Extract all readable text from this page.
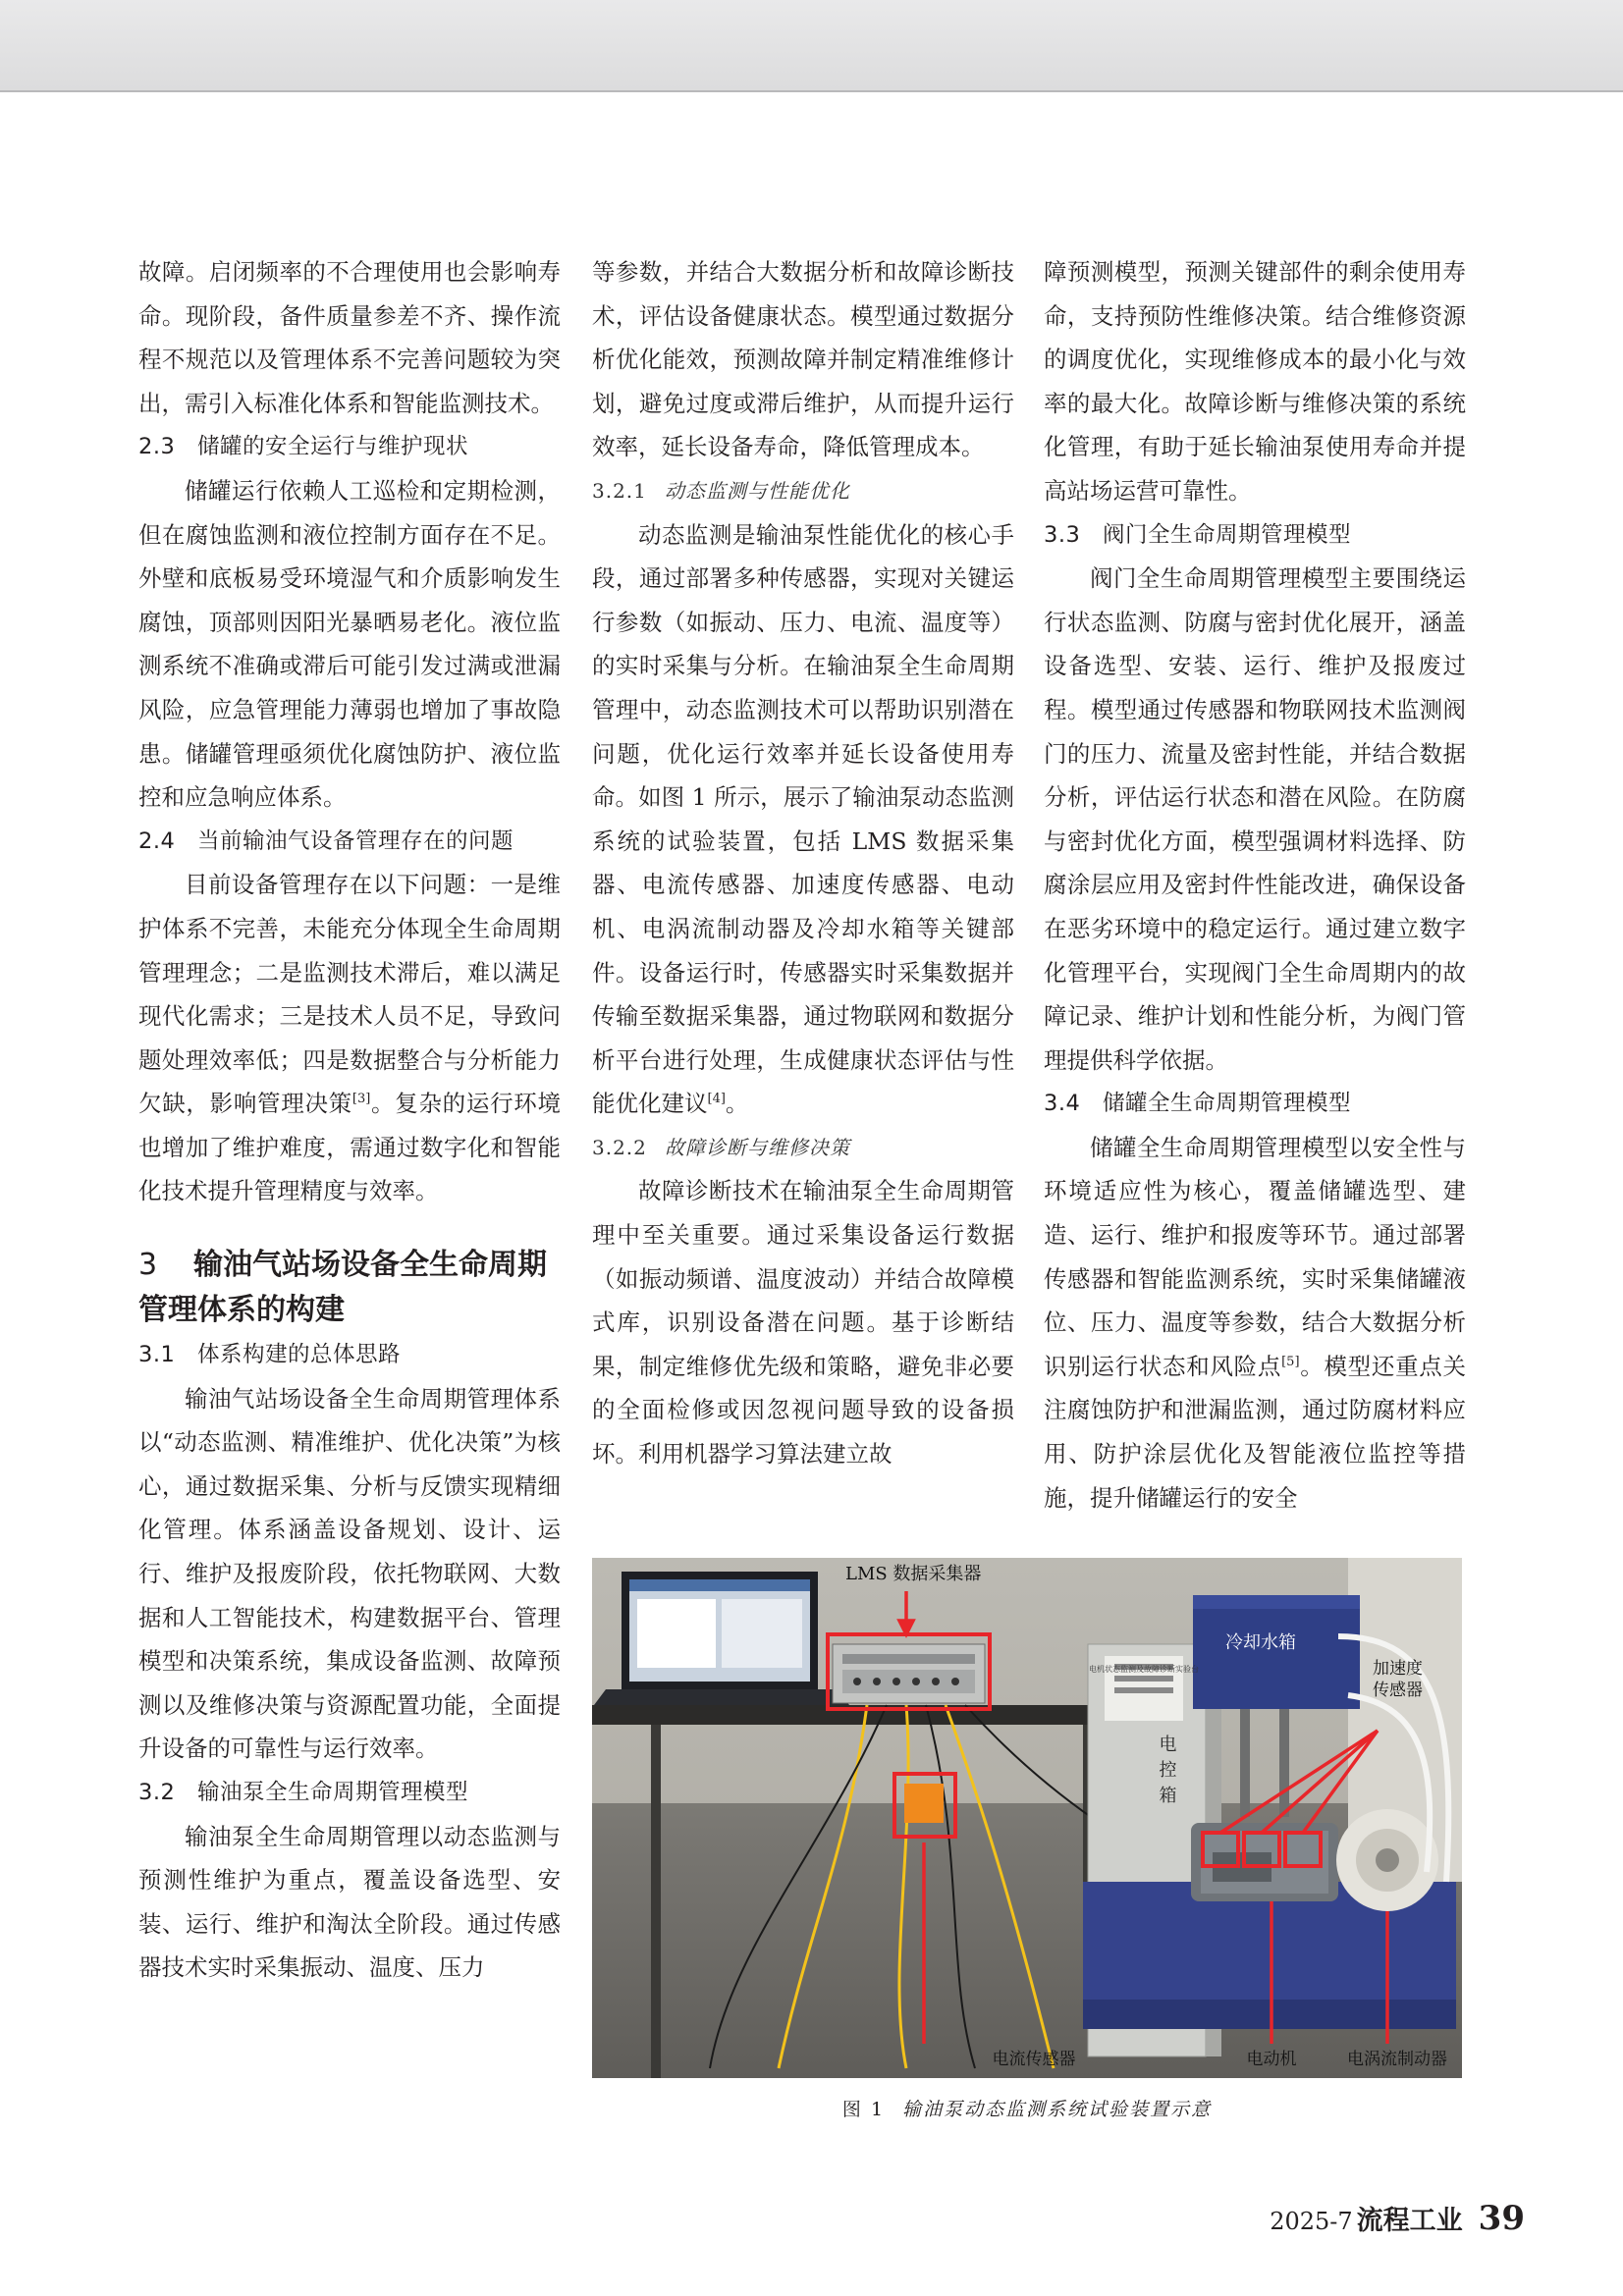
故障。启闭频率的不合理使用也会影响寿命。现阶段，备件质量参差不齐、操作流程不规范以及管理体系不完善问题较为突出，需引入标准化体系和智能监测技术。

2.3 储罐的安全运行与维护现状

储罐运行依赖人工巡检和定期检测，但在腐蚀监测和液位控制方面存在不足。外壁和底板易受环境湿气和介质影响发生腐蚀，顶部则因阳光暴晒易老化。液位监测系统不准确或滞后可能引发过满或泄漏风险，应急管理能力薄弱也增加了事故隐患。储罐管理亟须优化腐蚀防护、液位监控和应急响应体系。

2.4 当前输油气设备管理存在的问题

目前设备管理存在以下问题：一是维护体系不完善，未能充分体现全生命周期管理理念；二是监测技术滞后，难以满足现代化需求；三是技术人员不足，导致问题处理效率低；四是数据整合与分析能力欠缺，影响管理决策[3]。复杂的运行环境也增加了维护难度，需通过数字化和智能化技术提升管理精度与效率。

3 输油气站场设备全生命周期管理体系的构建
3.1 体系构建的总体思路

输油气站场设备全生命周期管理体系以“动态监测、精准维护、优化决策”为核心，通过数据采集、分析与反馈实现精细化管理。体系涵盖设备规划、设计、运行、维护及报废阶段，依托物联网、大数据和人工智能技术，构建数据平台、管理模型和决策系统，集成设备监测、故障预测以及维修决策与资源配置功能，全面提升设备的可靠性与运行效率。

3.2 输油泵全生命周期管理模型

输油泵全生命周期管理以动态监测与预测性维护为重点，覆盖设备选型、安装、运行、维护和淘汰全阶段。通过传感器技术实时采集振动、温度、压力

等参数，并结合大数据分析和故障诊断技术，评估设备健康状态。模型通过数据分析优化能效，预测故障并制定精准维修计划，避免过度或滞后维护，从而提升运行效率，延长设备寿命，降低管理成本。

3.2.1 动态监测与性能优化

动态监测是输油泵性能优化的核心手段，通过部署多种传感器，实现对关键运行参数（如振动、压力、电流、温度等）的实时采集与分析。在输油泵全生命周期管理中，动态监测技术可以帮助识别潜在问题，优化运行效率并延长设备使用寿命。如图 1 所示，展示了输油泵动态监测系统的试验装置，包括 LMS 数据采集器、电流传感器、加速度传感器、电动机、电涡流制动器及冷却水箱等关键部件。设备运行时，传感器实时采集数据并传输至数据采集器，通过物联网和数据分析平台进行处理，生成健康状态评估与性能优化建议[4]。

3.2.2 故障诊断与维修决策

故障诊断技术在输油泵全生命周期管理中至关重要。通过采集设备运行数据（如振动频谱、温度波动）并结合故障模式库，识别设备潜在问题。基于诊断结果，制定维修优先级和策略，避免非必要的全面检修或因忽视问题导致的设备损坏。利用机器学习算法建立故

障预测模型，预测关键部件的剩余使用寿命，支持预防性维修决策。结合维修资源的调度优化，实现维修成本的最小化与效率的最大化。故障诊断与维修决策的系统化管理，有助于延长输油泵使用寿命并提高站场运营可靠性。

3.3 阀门全生命周期管理模型

阀门全生命周期管理模型主要围绕运行状态监测、防腐与密封优化展开，涵盖设备选型、安装、运行、维护及报废过程。模型通过传感器和物联网技术监测阀门的压力、流量及密封性能，并结合数据分析，评估运行状态和潜在风险。在防腐与密封优化方面，模型强调材料选择、防腐涂层应用及密封件性能改进，确保设备在恶劣环境中的稳定运行。通过建立数字化管理平台，实现阀门全生命周期内的故障记录、维护计划和性能分析，为阀门管理提供科学依据。

3.4 储罐全生命周期管理模型

储罐全生命周期管理模型以安全性与环境适应性为核心，覆盖储罐选型、建造、运行、维护和报废等环节。通过部署传感器和智能监测系统，实时采集储罐液位、压力、温度等参数，结合大数据分析识别运行状态和风险点[5]。模型还重点关注腐蚀防护和泄漏监测，通过防腐材料应用、防护涂层优化及智能液位监控等措施，提升储罐运行的安全

电机状态监测及故障诊断实验台
LMS 数据采集器
冷却水箱
电控箱
加速度传感器
电流传感器	电动机	电涡流制动器
图 1 输油泵动态监测系统试验装置示意
2025-7 流程工业 39
